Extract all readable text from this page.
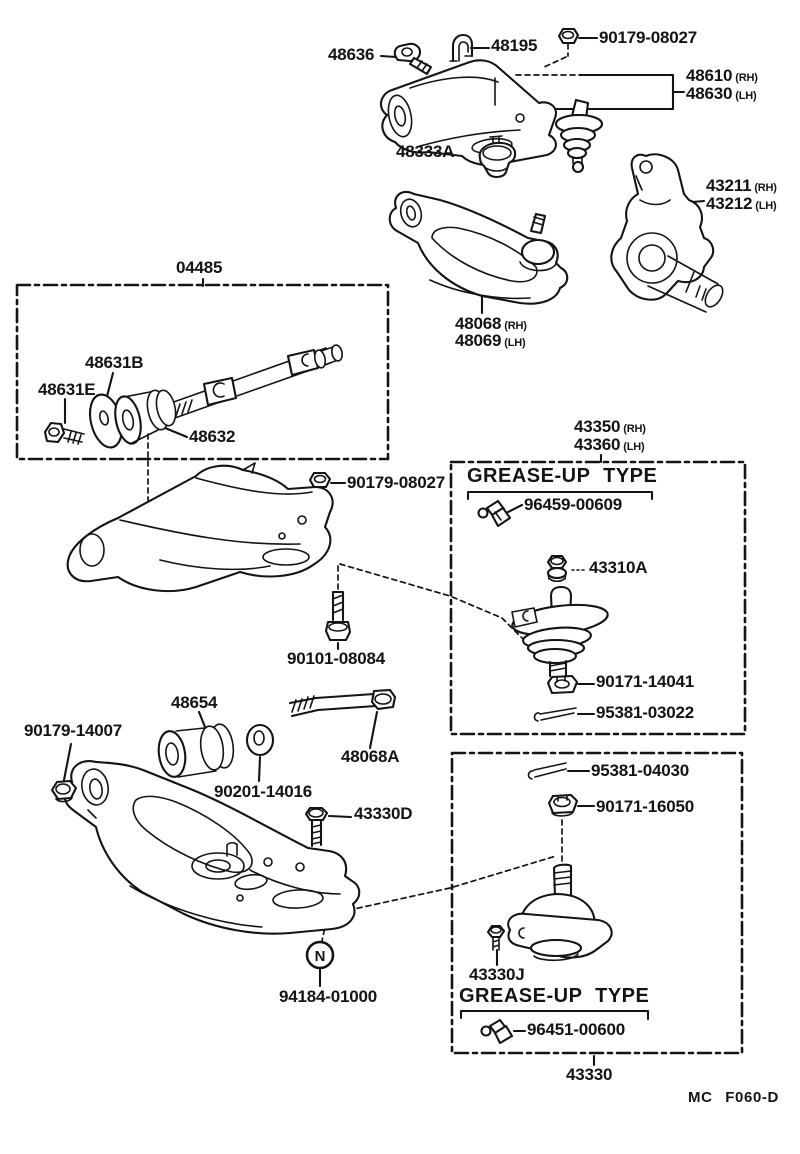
N
48636	48195	90179-08027
48610 (RH)
48630 (LH)
48333A
43211 (RH)
43212 (LH)
48068 (RH)
48069 (LH)
04485
48631B
48631E
48632
90179-08027
90101-08084
43350 (RH)
43360 (LH)
GREASE-UP TYPE
96459-00609
43310A
90171-14041
95381-03022
95381-04030
90171-16050
43330J
GREASE-UP TYPE
96451-00600
43330
48654
90179-14007
90201-14016
48068A
43330D
94184-01000
MC F060-D
